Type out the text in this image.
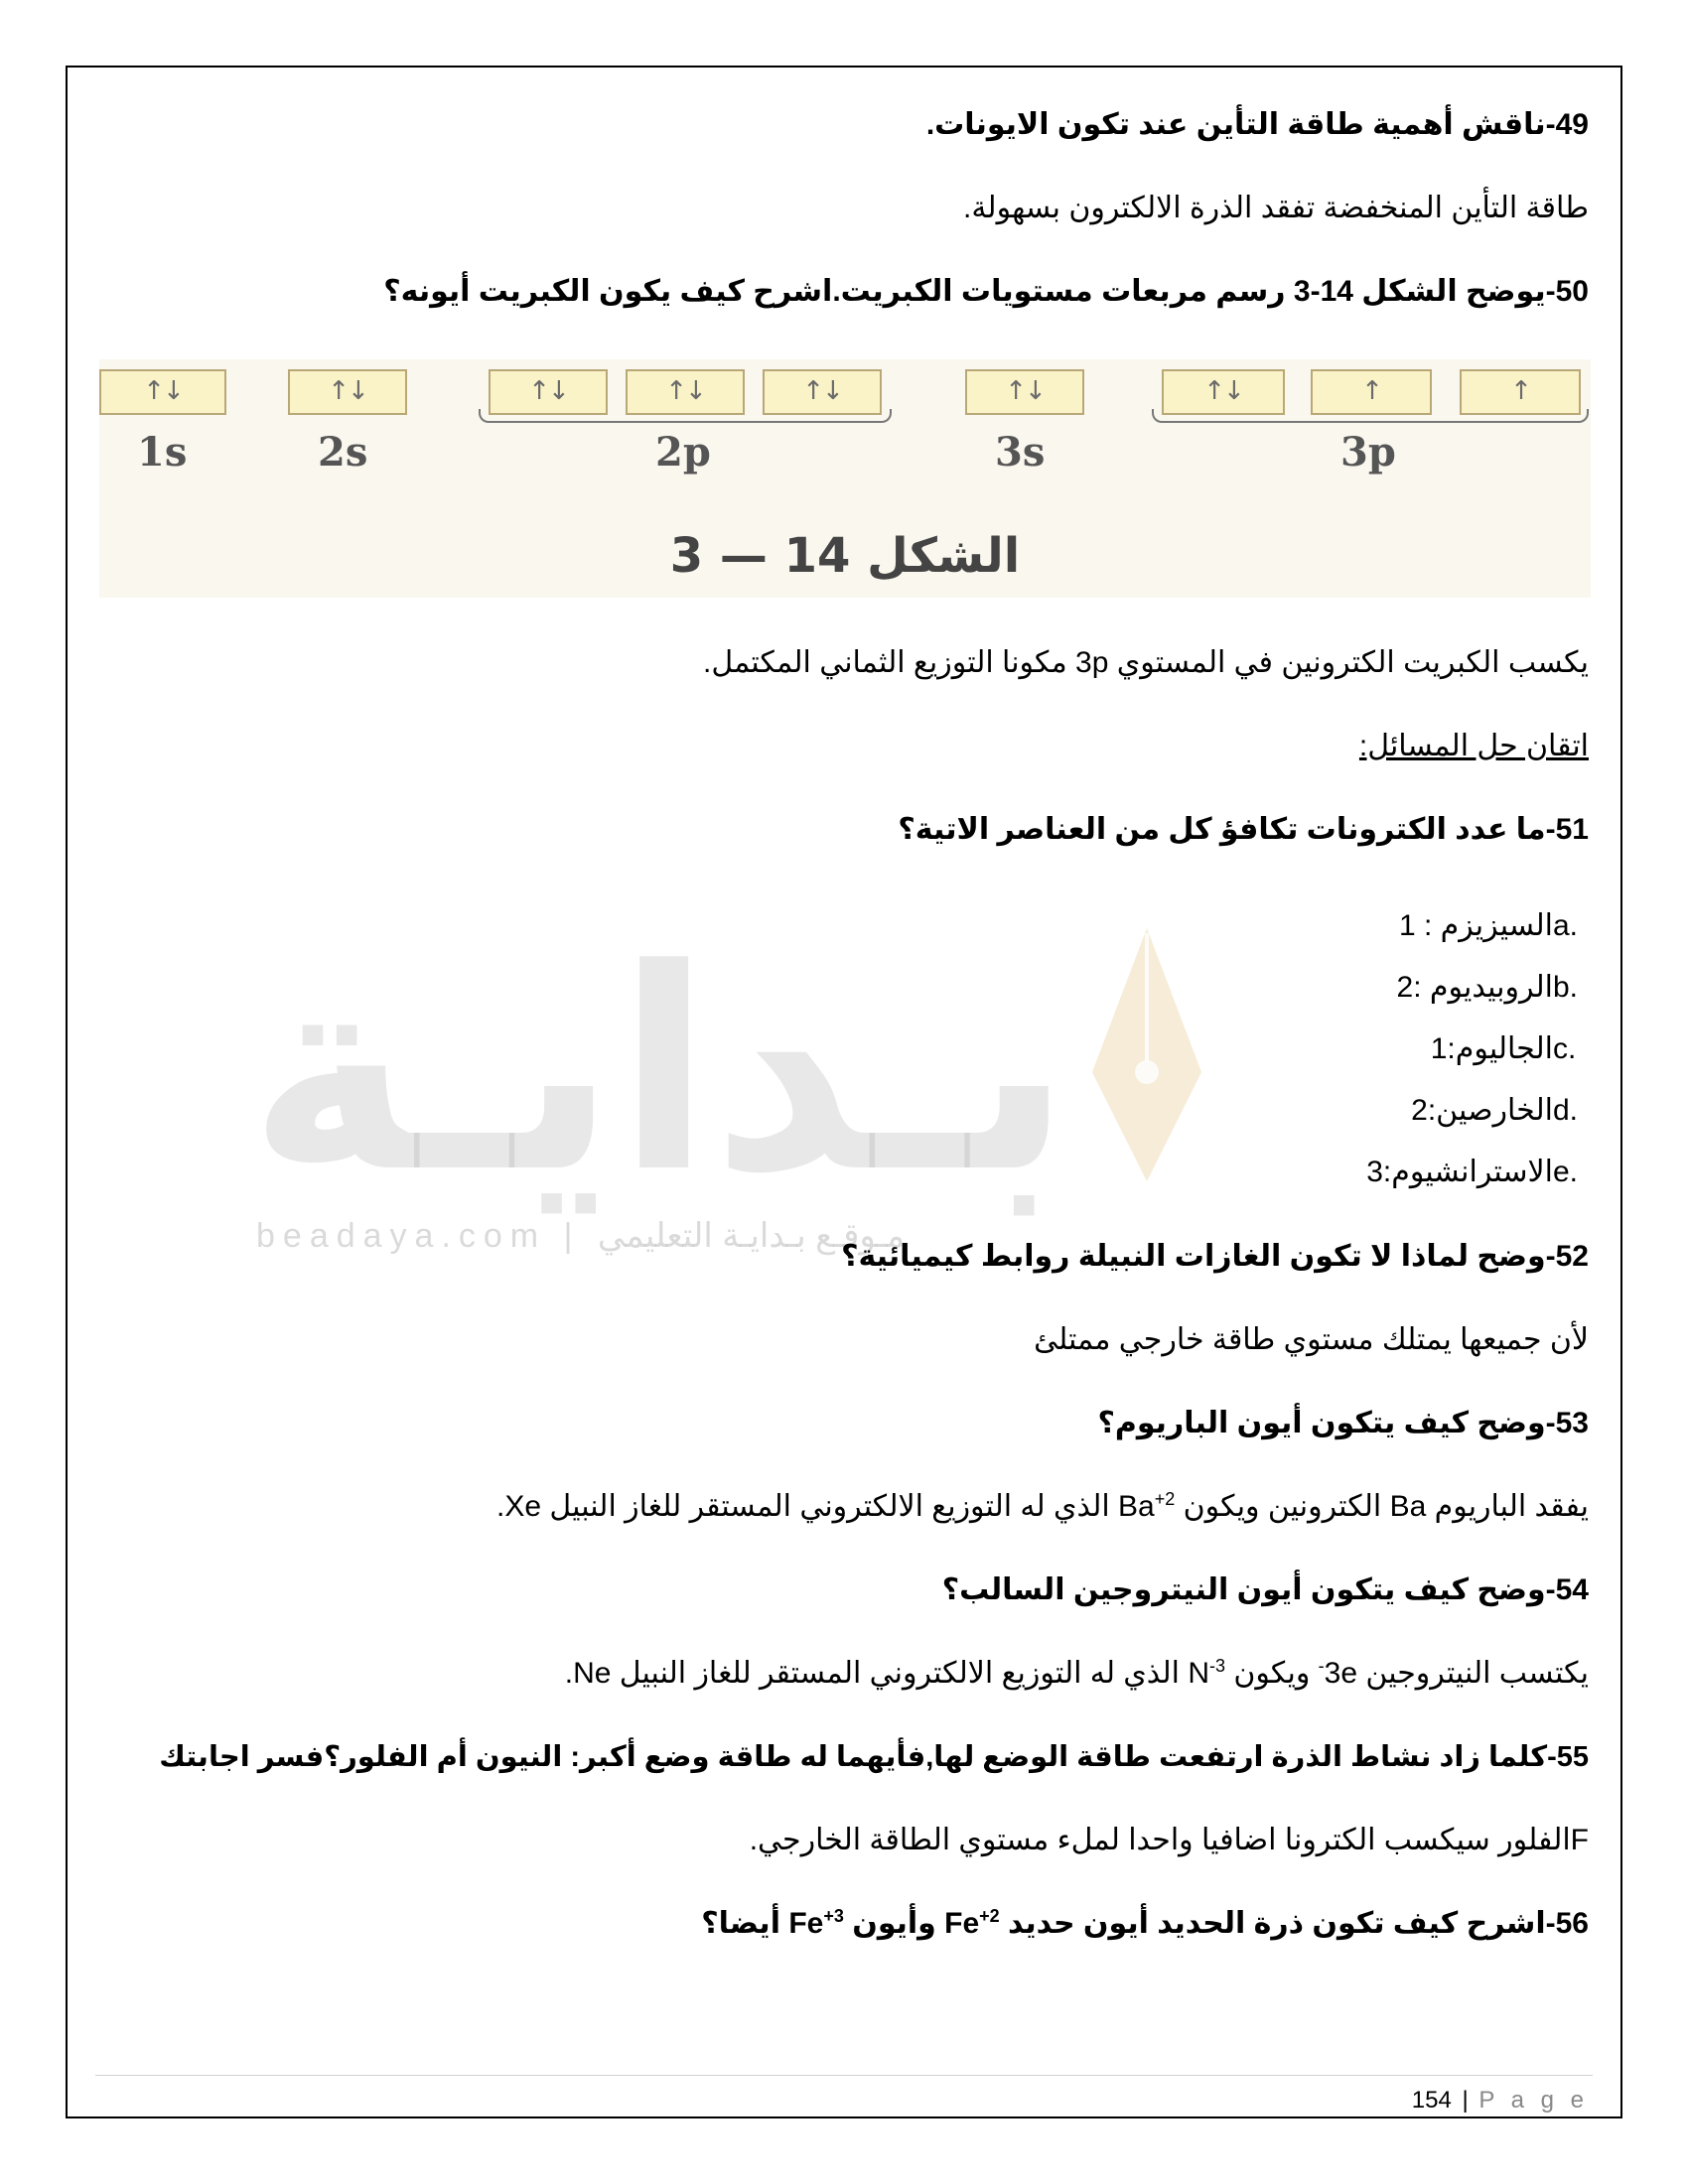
بـدايـة
beadaya.com | مـوقـع بـدايـة التعليمي
49-ناقش أهمية طاقة التأين عند تكون الايونات.
طاقة التأين المنخفضة تفقد الذرة الالكترون بسهولة.
50-يوضح الشكل 14-3 رسم مربعات مستويات الكبريت.اشرح كيف يكون الكبريت أيونه؟
يكسب الكبريت الكترونين في المستوي 3p مكونا التوزيع الثماني المكتمل.
اتقان حل المسائل:
51-ما عدد الكترونات تكافؤ كل من العناصر الاتية؟
52-وضح لماذا لا تكون الغازات النبيلة روابط كيميائية؟
لأن جميعها يمتلك مستوي طاقة خارجي ممتلئ
53-وضح كيف يتكون أيون الباريوم؟
يفقد الباريوم Ba الكترونين ويكون $Ba^{+2}$ الذي له التوزيع الالكتروني المستقر للغاز النبيل Xe.
54-وضح كيف يتكون أيون النيتروجين السالب؟
يكتسب النيتروجين ‎3e- ويكون $N^{-3}$ الذي له التوزيع الالكتروني المستقر للغاز النبيل Ne.
55-كلما زاد نشاط الذرة ارتفعت طاقة الوضع لها,فأيهما له طاقة وضع أكبر: النيون أم الفلور؟فسر اجابتك
Fالفلور سيكسب الكترونا اضافيا واحدا لملء مستوي الطاقة الخارجي.
56-اشرح كيف تكون ذرة الحديد أيون حديد $Fe^{+2}$ وأيون $Fe^{+3}$ أيضا؟
↑↓	↑↓	↑↓	↑↓	↑↓	↑↓	↑↓	↑	↑
1s	2s	2p	3s	3p
الشكل 14 — 3
السيزيزم : 1 a.
الروبيديوم :2 b.
الجاليوم:1 c.
الخارصين:2 d.
الاسترانشيوم:3 e.
154 | P a g e
